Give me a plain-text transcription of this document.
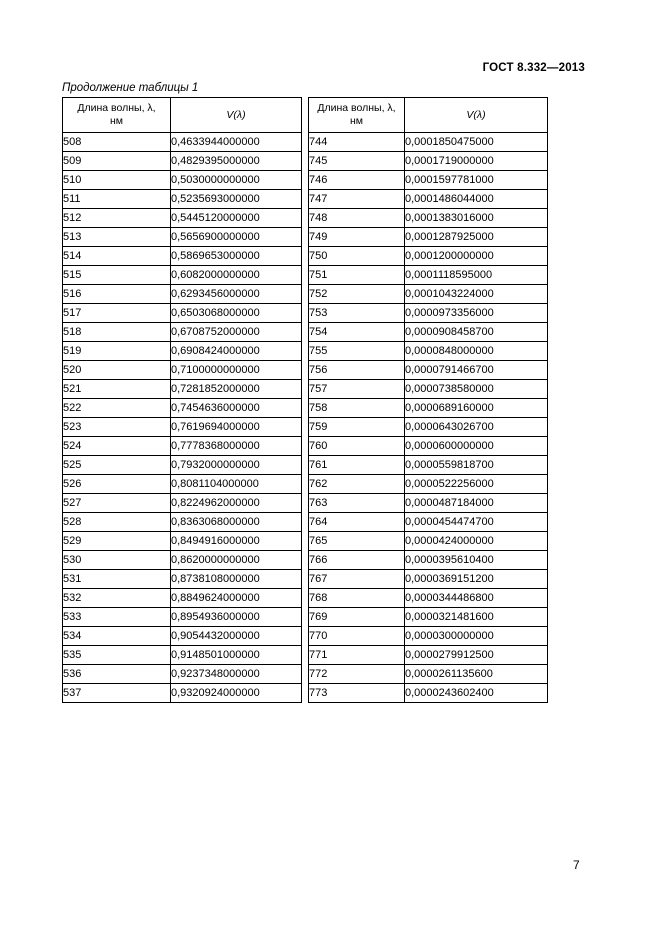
ГОСТ 8.332—2013
Продолжение таблицы 1
Длина волны, λ,
нм	V(λ)
508	0,4633944000000
509	0,4829395000000
510	0,5030000000000
511	0,5235693000000
512	0,5445120000000
513	0,5656900000000
514	0,5869653000000
515	0,6082000000000
516	0,6293456000000
517	0,6503068000000
518	0,6708752000000
519	0,6908424000000
520	0,7100000000000
521	0,7281852000000
522	0,7454636000000
523	0,7619694000000
524	0,7778368000000
525	0,7932000000000
526	0,8081104000000
527	0,8224962000000
528	0,8363068000000
529	0,8494916000000
530	0,8620000000000
531	0,8738108000000
532	0,8849624000000
533	0,8954936000000
534	0,9054432000000
535	0,9148501000000
536	0,9237348000000
537	0,9320924000000
Длина волны, λ,
нм	V(λ)
744	0,0001850475000
745	0,0001719000000
746	0,0001597781000
747	0,0001486044000
748	0,0001383016000
749	0,0001287925000
750	0,0001200000000
751	0,0001118595000
752	0,0001043224000
753	0,0000973356000
754	0,0000908458700
755	0,0000848000000
756	0,0000791466700
757	0,0000738580000
758	0,0000689160000
759	0,0000643026700
760	0,0000600000000
761	0,0000559818700
762	0,0000522256000
763	0,0000487184000
764	0,0000454474700
765	0,0000424000000
766	0,0000395610400
767	0,0000369151200
768	0,0000344486800
769	0,0000321481600
770	0,0000300000000
771	0,0000279912500
772	0,0000261135600
773	0,0000243602400
7
